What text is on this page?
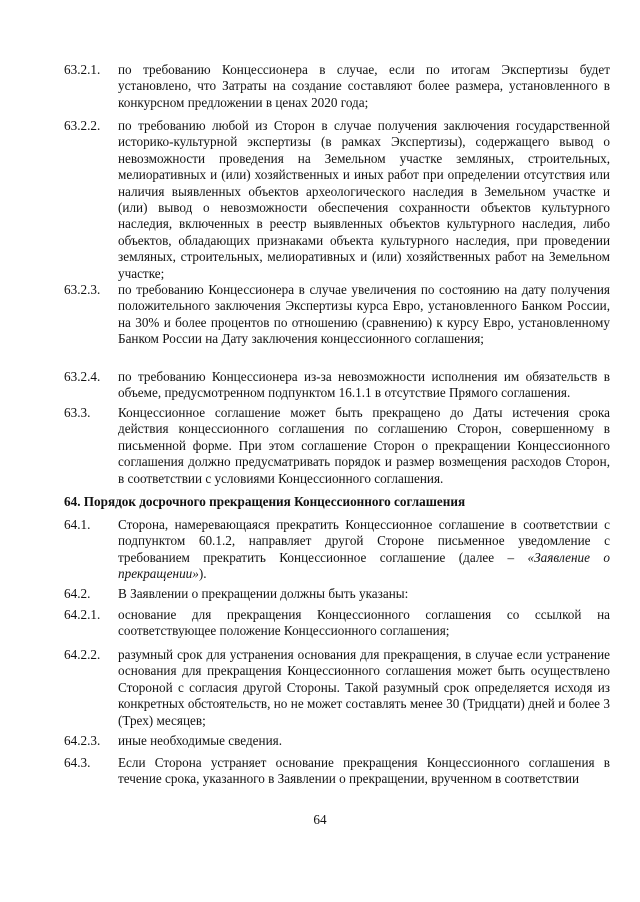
63.2.1. по требованию Концессионера в случае, если по итогам Экспертизы будет установлено, что Затраты на создание составляют более размера, установленного в конкурсном предложении в ценах 2020 года;
63.2.2. по требованию любой из Сторон в случае получения заключения государственной историко-культурной экспертизы (в рамках Экспертизы), содержащего вывод о невозможности проведения на Земельном участке земляных, строительных, мелиоративных и (или) хозяйственных и иных работ при определении отсутствия или наличия выявленных объектов археологического наследия в Земельном участке и (или) вывод о невозможности обеспечения сохранности объектов культурного наследия, включенных в реестр выявленных объектов культурного наследия, либо объектов, обладающих признаками объекта культурного наследия, при проведении земляных, строительных, мелиоративных и (или) хозяйственных работ на Земельном участке;
63.2.3. по требованию Концессионера в случае увеличения по состоянию на дату получения положительного заключения Экспертизы курса Евро, установленного Банком России, на 30% и более процентов по отношению (сравнению) к курсу Евро, установленному Банком России на Дату заключения концессионного соглашения;
63.2.4. по требованию Концессионера из-за невозможности исполнения им обязательств в объеме, предусмотренном подпунктом 16.1.1 в отсутствие Прямого соглашения.
63.3. Концессионное соглашение может быть прекращено до Даты истечения срока действия концессионного соглашения по соглашению Сторон, совершенному в письменной форме. При этом соглашение Сторон о прекращении Концессионного соглашения должно предусматривать порядок и размер возмещения расходов Сторон, в соответствии с условиями Концессионного соглашения.
64. Порядок досрочного прекращения Концессионного соглашения
64.1. Сторона, намеревающаяся прекратить Концессионное соглашение в соответствии с подпунктом 60.1.2, направляет другой Стороне письменное уведомление с требованием прекратить Концессионное соглашение (далее – «Заявление о прекращении»).
64.2. В Заявлении о прекращении должны быть указаны:
64.2.1. основание для прекращения Концессионного соглашения со ссылкой на соответствующее положение Концессионного соглашения;
64.2.2. разумный срок для устранения основания для прекращения, в случае если устранение основания для прекращения Концессионного соглашения может быть осуществлено Стороной с согласия другой Стороны. Такой разумный срок определяется исходя из конкретных обстоятельств, но не может составлять менее 30 (Тридцати) дней и более 3 (Трех) месяцев;
64.2.3. иные необходимые сведения.
64.3. Если Сторона устраняет основание прекращения Концессионного соглашения в течение срока, указанного в Заявлении о прекращении, врученном в соответствии
64
